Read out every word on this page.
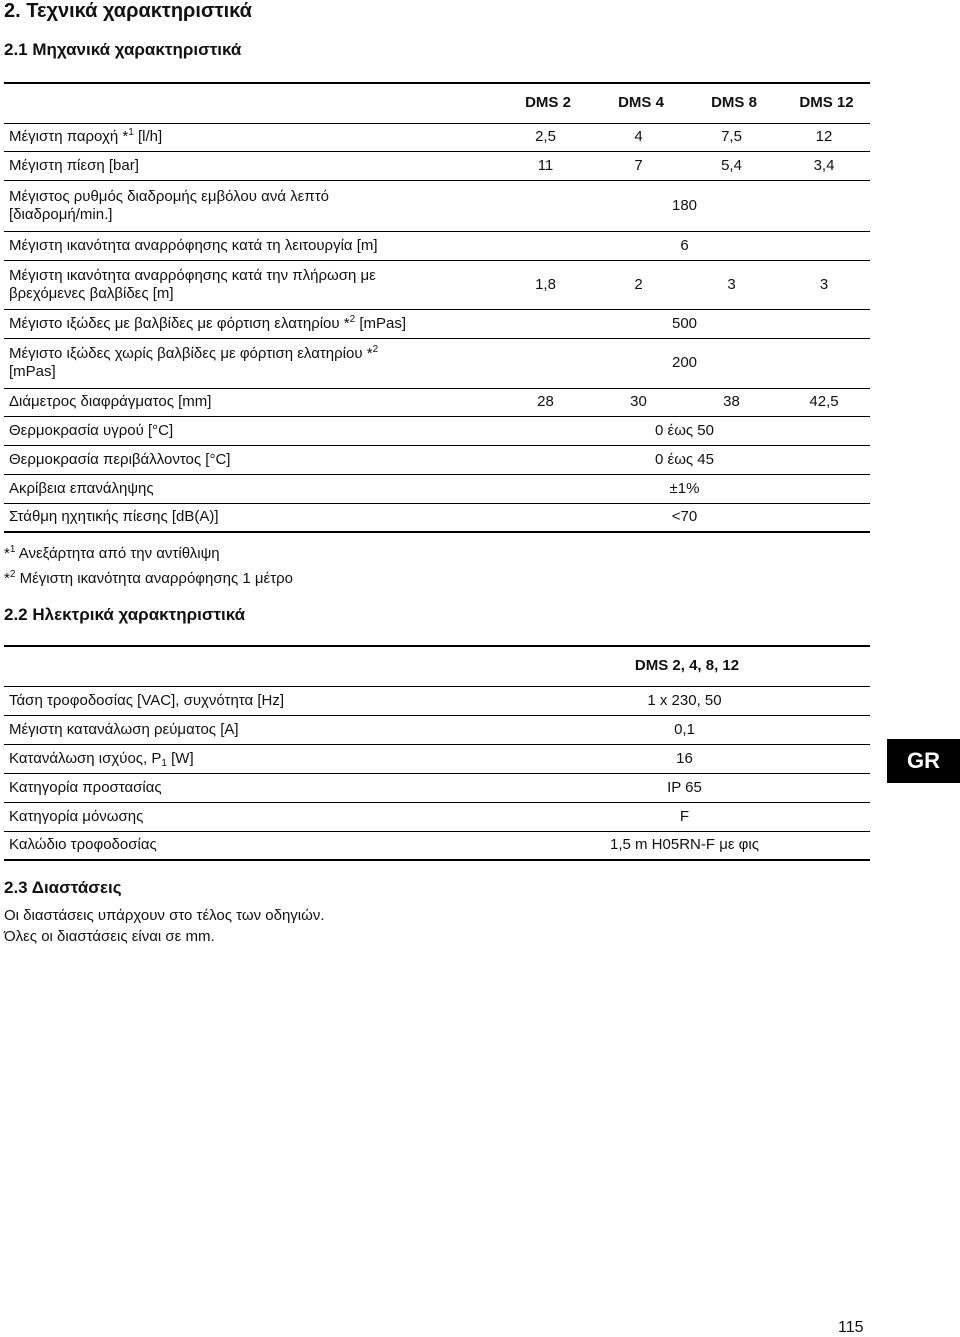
2. Τεχνικά χαρακτηριστικά
2.1 Μηχανικά χαρακτηριστικά
	DMS 2	DMS 4	DMS 8	DMS 12
Μέγιστη παροχή *$^1$ [l/h]	2,5	4	7,5	12
Μέγιστη πίεση [bar]	11	7	5,4	3,4
Μέγιστος ρυθμός διαδρομής εμβόλου ανά λεπτό
[διαδρομή/min.]	180			
Μέγιστη ικανότητα αναρρόφησης κατά τη λειτουργία [m]	6			
Μέγιστη ικανότητα αναρρόφησης κατά την πλήρωση με
βρεχόμενες βαλβίδες [m]	1,8	2	3	3
Μέγιστο ιξώδες με βαλβίδες με φόρτιση ελατηρίου *$^2$ [mPas]	500			
Μέγιστο ιξώδες χωρίς βαλβίδες με φόρτιση ελατηρίου *$^2$
[mPas]	200			
Διάμετρος διαφράγματος [mm]	28	30	38	42,5
Θερμοκρασία υγρού [°C]	0 έως 50			
Θερμοκρασία περιβάλλοντος [°C]	0 έως 45			
Ακρίβεια επανάληψης	±1%			
Στάθμη ηχητικής πίεσης [dB(A)]	<70			
*$^1$ Ανεξάρτητα από την αντίθλιψη
*$^2$ Μέγιστη ικανότητα αναρρόφησης 1 μέτρο
2.2 Ηλεκτρικά χαρακτηριστικά
	DMS 2, 4, 8, 12
Τάση τροφοδοσίας [VAC], συχνότητα [Hz]	1 x 230, 50
Μέγιστη κατανάλωση ρεύματος [A]	0,1
Κατανάλωση ισχύος, $P_1$ [W]	16
Κατηγορία προστασίας	IP 65
Κατηγορία μόνωσης	F
Καλώδιο τροφοδοσίας	1,5 m H05RN-F με φις
2.3 Διαστάσεις
Οι διαστάσεις υπάρχουν στο τέλος των οδηγιών.
Όλες οι διαστάσεις είναι σε mm.
GR
115
